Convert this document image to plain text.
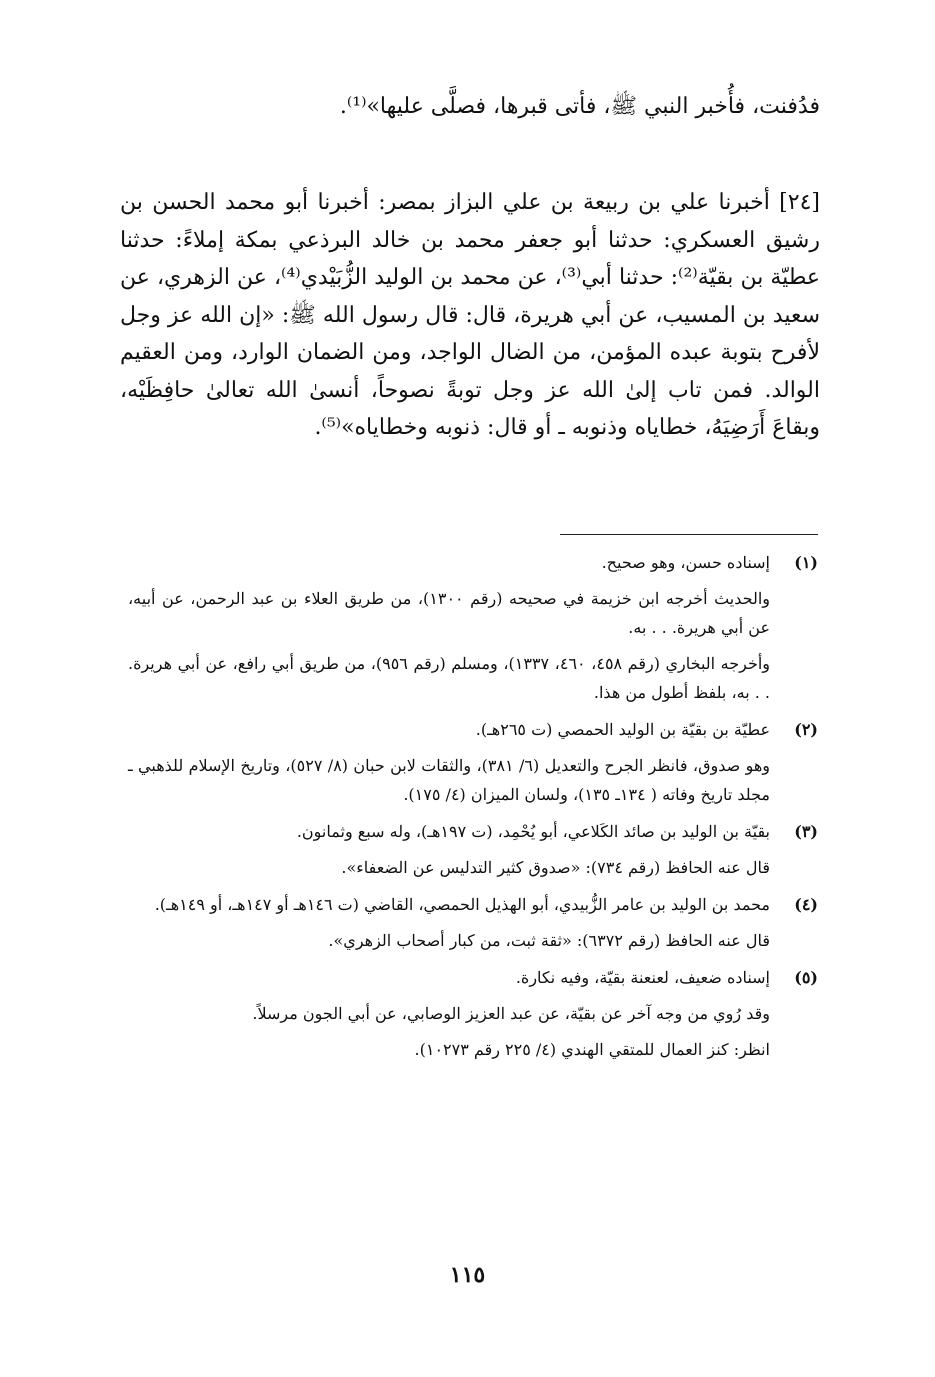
فدُفنت، فأُخبر النبي ﷺ، فأتى قبرها، فصلَّى عليها»⁽¹⁾.
[٢٤] أخبرنا علي بن ربيعة بن علي البزاز بمصر: أخبرنا أبو محمد الحسن بن رشيق العسكري: حدثنا أبو جعفر محمد بن خالد البرذعي بمكة إملاءً: حدثنا عطيّة بن بقيّة⁽²⁾: حدثنا أبي⁽³⁾، عن محمد بن الوليد الزُّبَيْدي⁽⁴⁾، عن الزهري، عن سعيد بن المسيب، عن أبي هريرة، قال: قال رسول الله ﷺ: «إن الله عز وجل لأفرح بتوبة عبده المؤمن، من الضال الواجد، ومن الضمان الوارد، ومن العقيم الوالد. فمن تاب إلىٰ الله عز وجل توبةً نصوحاً، أنسىٰ الله تعالىٰ حافِظَيْه، وبقاعَ أَرَضِيَهُ، خطاياه وذنوبه ـ أو قال: ذنوبه وخطاياه»⁽⁵⁾.
(١)
إسناده حسن، وهو صحيح.
والحديث أخرجه ابن خزيمة في صحيحه (رقم ١٣٠٠)، من طريق العلاء بن عبد الرحمن، عن أبيه، عن أبي هريرة. . . به.
وأخرجه البخاري (رقم ٤٥٨، ٤٦٠، ١٣٣٧)، ومسلم (رقم ٩٥٦)، من طريق أبي رافع، عن أبي هريرة. . . به، بلفظ أطول من هذا.
(٢)
عطيّة بن بقيّة بن الوليد الحمصي (ت ٢٦٥هـ).
وهو صدوق، فانظر الجرح والتعديل (٦/ ٣٨١)، والثقات لابن حبان (٨/ ٥٢٧)، وتاريخ الإسلام للذهبي ـ مجلد تاريخ وفاته ( ١٣٤ـ ١٣٥)، ولسان الميزان (٤/ ١٧٥).
(٣)
بقيّة بن الوليد بن صائد الكَلاعي، أبو يُحْمِد، (ت ١٩٧هـ)، وله سبع وثمانون.
قال عنه الحافظ (رقم ٧٣٤): «صدوق كثير التدليس عن الضعفاء».
(٤)
محمد بن الوليد بن عامر الزُّبيدي، أبو الهذيل الحمصي، القاضي (ت ١٤٦هـ أو ١٤٧هـ، أو ١٤٩هـ).
قال عنه الحافظ (رقم ٦٣٧٢): «ثقة ثبت، من كبار أصحاب الزهري».
(٥)
إسناده ضعيف، لعنعنة بقيّة، وفيه نكارة.
وقد رُوي من وجه آخر عن بقيّة، عن عبد العزيز الوصابي، عن أبي الجون مرسلاً.
انظر: كنز العمال للمتقي الهندي (٤/ ٢٢٥ رقم ١٠٢٧٣).
١١٥
